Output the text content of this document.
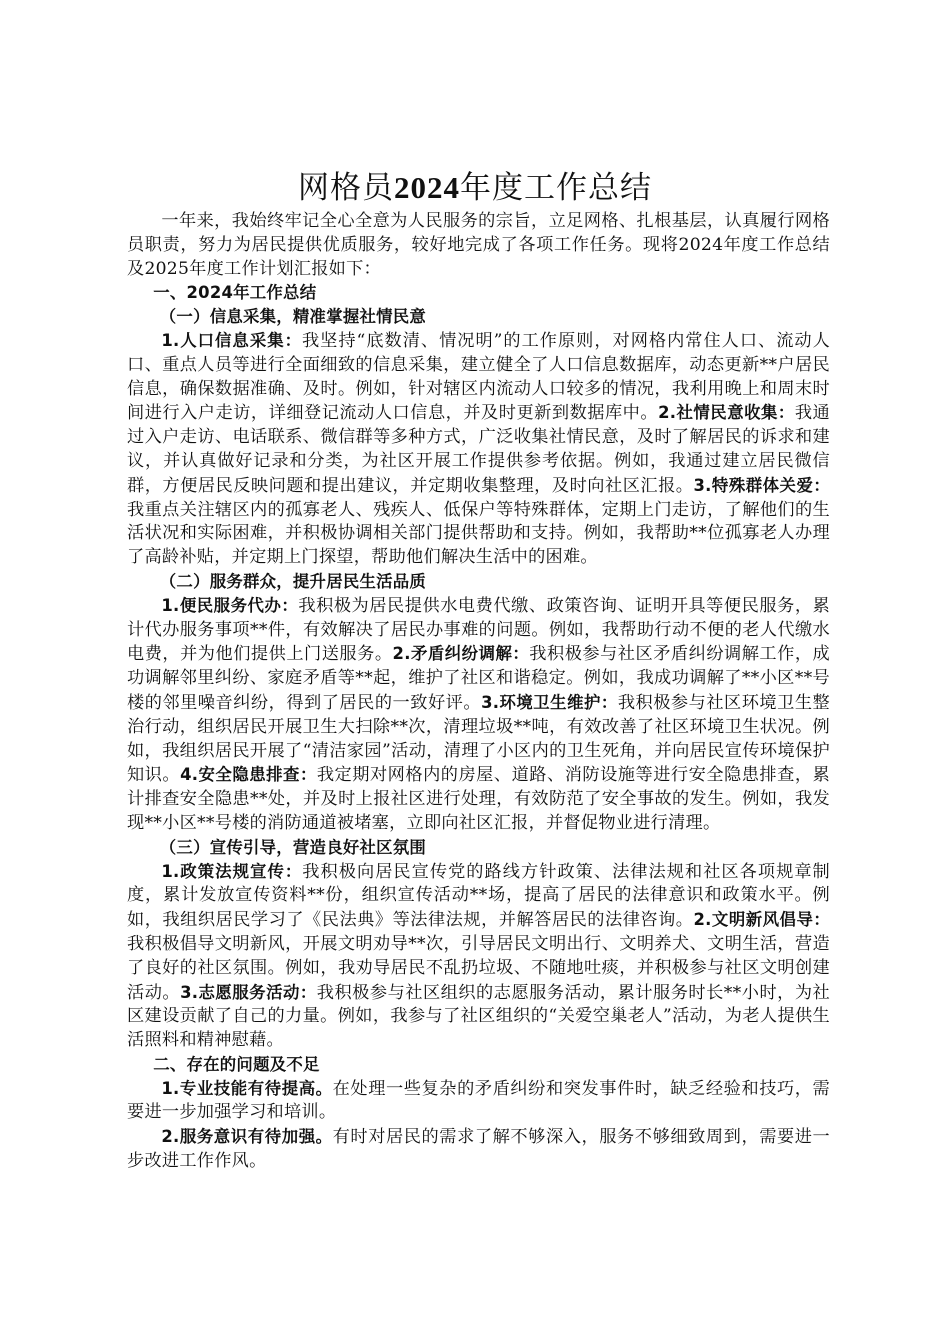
网格员2024年度工作总结

一年来，我始终牢记全心全意为人民服务的宗旨，立足网格、扎根基层，认真履行网格员职责，努力为居民提供优质服务，较好地完成了各项工作任务。现将2024年度工作总结及2025年度工作计划汇报如下：

一、2024年工作总结
（一）信息采集，精准掌握社情民意

1.人口信息采集：我坚持“底数清、情况明”的工作原则，对网格内常住人口、流动人口、重点人员等进行全面细致的信息采集，建立健全了人口信息数据库，动态更新**户居民信息，确保数据准确、及时。例如，针对辖区内流动人口较多的情况，我利用晚上和周末时间进行入户走访，详细登记流动人口信息，并及时更新到数据库中。2.社情民意收集：我通过入户走访、电话联系、微信群等多种方式，广泛收集社情民意，及时了解居民的诉求和建议，并认真做好记录和分类，为社区开展工作提供参考依据。例如，我通过建立居民微信群，方便居民反映问题和提出建议，并定期收集整理，及时向社区汇报。3.特殊群体关爱：我重点关注辖区内的孤寡老人、残疾人、低保户等特殊群体，定期上门走访，了解他们的生活状况和实际困难，并积极协调相关部门提供帮助和支持。例如，我帮助**位孤寡老人办理了高龄补贴，并定期上门探望，帮助他们解决生活中的困难。

（二）服务群众，提升居民生活品质

1.便民服务代办：我积极为居民提供水电费代缴、政策咨询、证明开具等便民服务，累计代办服务事项**件，有效解决了居民办事难的问题。例如，我帮助行动不便的老人代缴水电费，并为他们提供上门送服务。2.矛盾纠纷调解：我积极参与社区矛盾纠纷调解工作，成功调解邻里纠纷、家庭矛盾等**起，维护了社区和谐稳定。例如，我成功调解了**小区**号楼的邻里噪音纠纷，得到了居民的一致好评。3.环境卫生维护：我积极参与社区环境卫生整治行动，组织居民开展卫生大扫除**次，清理垃圾**吨，有效改善了社区环境卫生状况。例如，我组织居民开展了“清洁家园”活动，清理了小区内的卫生死角，并向居民宣传环境保护知识。4.安全隐患排查：我定期对网格内的房屋、道路、消防设施等进行安全隐患排查，累计排查安全隐患**处，并及时上报社区进行处理，有效防范了安全事故的发生。例如，我发现**小区**号楼的消防通道被堵塞，立即向社区汇报，并督促物业进行清理。

（三）宣传引导，营造良好社区氛围

1.政策法规宣传：我积极向居民宣传党的路线方针政策、法律法规和社区各项规章制度，累计发放宣传资料**份，组织宣传活动**场，提高了居民的法律意识和政策水平。例如，我组织居民学习了《民法典》等法律法规，并解答居民的法律咨询。2.文明新风倡导：我积极倡导文明新风，开展文明劝导**次，引导居民文明出行、文明养犬、文明生活，营造了良好的社区氛围。例如，我劝导居民不乱扔垃圾、不随地吐痰，并积极参与社区文明创建活动。3.志愿服务活动：我积极参与社区组织的志愿服务活动，累计服务时长**小时，为社区建设贡献了自己的力量。例如，我参与了社区组织的“关爱空巢老人”活动，为老人提供生活照料和精神慰藉。

二、存在的问题及不足

1.专业技能有待提高。在处理一些复杂的矛盾纠纷和突发事件时，缺乏经验和技巧，需要进一步加强学习和培训。

2.服务意识有待加强。有时对居民的需求了解不够深入，服务不够细致周到，需要进一步改进工作作风。
